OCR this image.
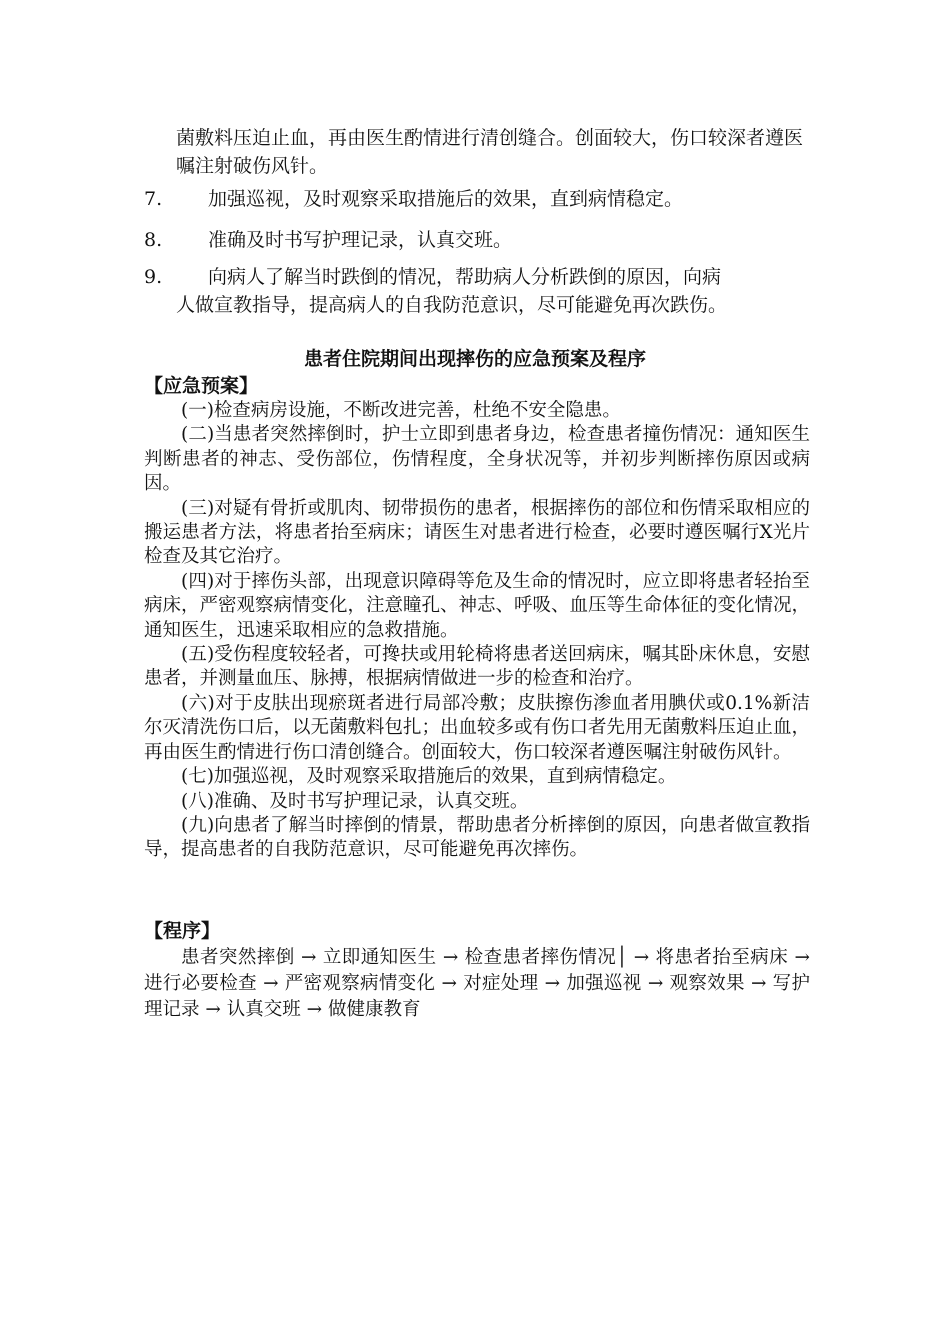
菌敷料压迫止血，再由医生酌情进行清创缝合。创面较大，伤口较深者遵医嘱注射破伤风针。
7. 加强巡视，及时观察采取措施后的效果，直到病情稳定。
8. 准确及时书写护理记录，认真交班。
9. 向病人了解当时跌倒的情况，帮助病人分析跌倒的原因，向病
人做宣教指导，提高病人的自我防范意识，尽可能避免再次跌伤。
患者住院期间出现摔伤的应急预案及程序
【应急预案】

(一)检查病房设施，不断改进完善，杜绝不安全隐患。

(二)当患者突然摔倒时，护士立即到患者身边，检查患者撞伤情况：通知医生判断患者的神志、受伤部位，伤情程度，全身状况等，并初步判断摔伤原因或病因。

(三)对疑有骨折或肌肉、韧带损伤的患者，根据摔伤的部位和伤情采取相应的搬运患者方法，将患者抬至病床；请医生对患者进行检查，必要时遵医嘱行X光片检查及其它治疗。

(四)对于摔伤头部，出现意识障碍等危及生命的情况时，应立即将患者轻抬至病床，严密观察病情变化，注意瞳孔、神志、呼吸、血压等生命体征的变化情况，通知医生，迅速采取相应的急救措施。

(五)受伤程度较轻者，可搀扶或用轮椅将患者送回病床，嘱其卧床休息，安慰患者，并测量血压、脉搏，根据病情做进一步的检查和治疗。

(六)对于皮肤出现瘀斑者进行局部冷敷；皮肤擦伤渗血者用腆伏或0.1%新洁尔灭清洗伤口后，以无菌敷料包扎；出血较多或有伤口者先用无菌敷料压迫止血，再由医生酌情进行伤口清创缝合。创面较大，伤口较深者遵医嘱注射破伤风针。

(七)加强巡视，及时观察采取措施后的效果，直到病情稳定。

(八)准确、及时书写护理记录，认真交班。

(九)向患者了解当时摔倒的情景，帮助患者分析摔倒的原因，向患者做宣教指导，提高患者的自我防范意识，尽可能避免再次摔伤。

【程序】
患者突然摔倒 → 立即通知医生 → 检查患者摔伤情况│ → 将患者抬至病床 → 进行必要检查 → 严密观察病情变化 → 对症处理 → 加强巡视 → 观察效果 → 写护理记录 → 认真交班 → 做健康教育
